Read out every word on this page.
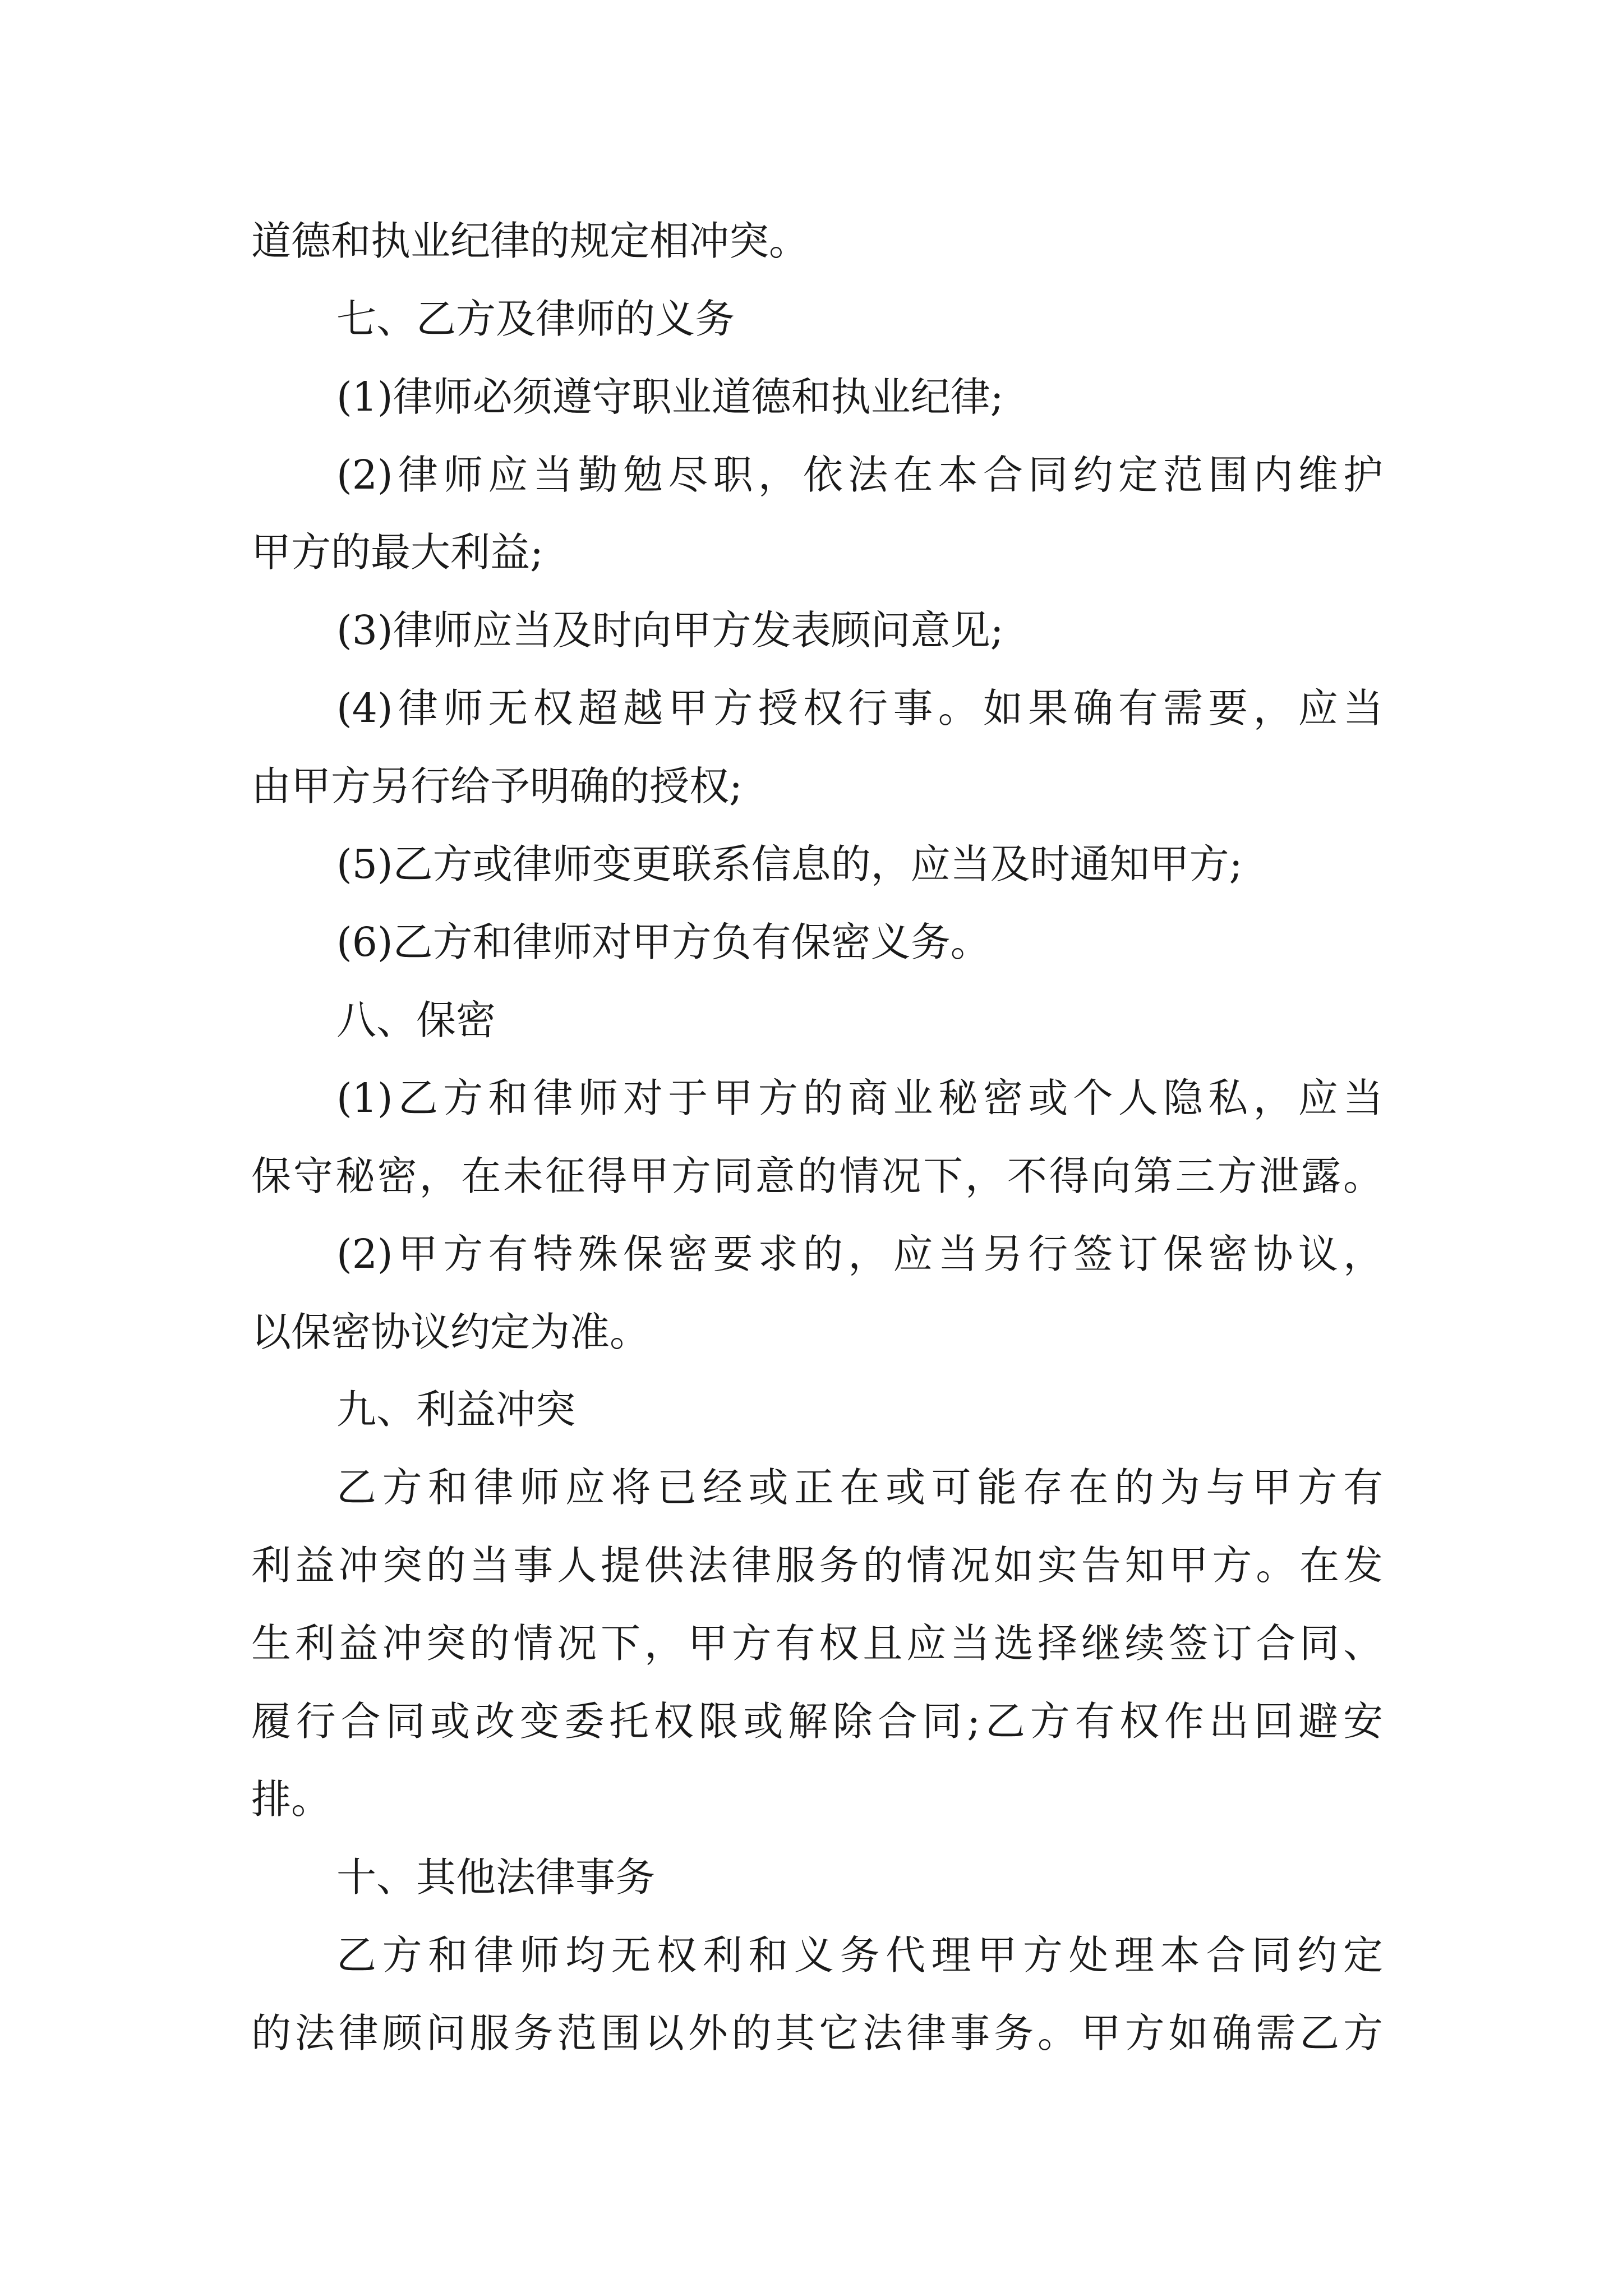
道德和执业纪律的规定相冲突。
七、乙方及律师的义务
(1)律师必须遵守职业道德和执业纪律;
(2)律师应当勤勉尽职，依法在本合同约定范围内维护
甲方的最大利益;
(3)律师应当及时向甲方发表顾问意见;
(4)律师无权超越甲方授权行事。如果确有需要，应当
由甲方另行给予明确的授权;
(5)乙方或律师变更联系信息的，应当及时通知甲方;
(6)乙方和律师对甲方负有保密义务。
八、保密
(1)乙方和律师对于甲方的商业秘密或个人隐私，应当
保守秘密，在未征得甲方同意的情况下，不得向第三方泄露。
(2)甲方有特殊保密要求的，应当另行签订保密协议，
以保密协议约定为准。
九、利益冲突
乙方和律师应将已经或正在或可能存在的为与甲方有
利益冲突的当事人提供法律服务的情况如实告知甲方。在发
生利益冲突的情况下，甲方有权且应当选择继续签订合同、
履行合同或改变委托权限或解除合同;乙方有权作出回避安
排。
十、其他法律事务
乙方和律师均无权利和义务代理甲方处理本合同约定
的法律顾问服务范围以外的其它法律事务。甲方如确需乙方
